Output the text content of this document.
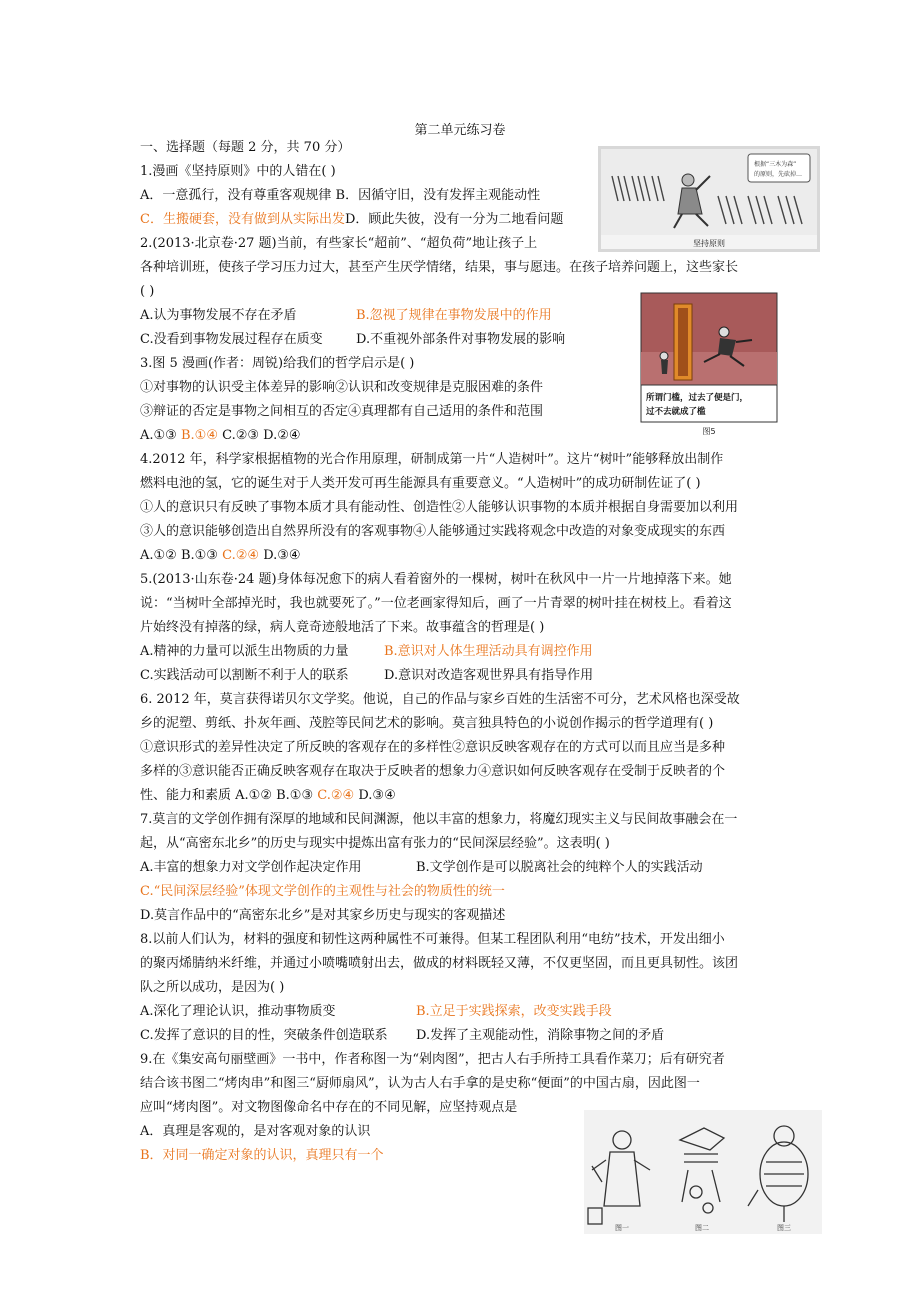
第二单元练习卷
一、选择题（每题 2 分，共 70 分）
1.漫画《坚持原则》中的人错在( )
A．一意孤行，没有尊重客观规律 B．因循守旧，没有发挥主观能动性
C．生搬硬套，没有做到从实际出发D．顾此失彼，没有一分为二地看问题
根据“三木为森”
的原则，先砍掉…
坚持原则
2.(2013·北京卷·27 题)当前，有些家长“超前”、“超负荷”地让孩子上
各种培训班，使孩子学习压力过大，甚至产生厌学情绪，结果，事与愿违。在孩子培养问题上，这些家长
( )
A.认为事物发展不存在矛盾	B.忽视了规律在事物发展中的作用
C.没看到事物发展过程存在质变	D.不重视外部条件对事物发展的影响
所谓门槛，过去了便是门，
过不去就成了槛
图5
3.图 5 漫画(作者：周锐)给我们的哲学启示是( )
①对事物的认识受主体差异的影响②认识和改变规律是克服困难的条件
③辩证的否定是事物之间相互的否定④真理都有自己适用的条件和范围
A.①③ B.①④ C.②③ D.②④
4.2012 年，科学家根据植物的光合作用原理，研制成第一片“人造树叶”。这片“树叶”能够释放出制作
燃料电池的氢，它的诞生对于人类开发可再生能源具有重要意义。“人造树叶”的成功研制佐证了( )
①人的意识只有反映了事物本质才具有能动性、创造性②人能够认识事物的本质并根据自身需要加以利用
③人的意识能够创造出自然界所没有的客观事物④人能够通过实践将观念中改造的对象变成现实的东西
A.①② B.①③ C.②④ D.③④
5.(2013·山东卷·24 题)身体每况愈下的病人看着窗外的一棵树，树叶在秋风中一片一片地掉落下来。她
说：“当树叶全部掉光时，我也就要死了。”一位老画家得知后，画了一片青翠的树叶挂在树枝上。看着这
片始终没有掉落的绿，病人竟奇迹般地活了下来。故事蕴含的哲理是( )
A.精神的力量可以派生出物质的力量	B.意识对人体生理活动具有调控作用
C.实践活动可以割断不利于人的联系	D.意识对改造客观世界具有指导作用
6. 2012 年，莫言获得诺贝尔文学奖。他说，自己的作品与家乡百姓的生活密不可分，艺术风格也深受故
乡的泥塑、剪纸、扑灰年画、茂腔等民间艺术的影响。莫言独具特色的小说创作揭示的哲学道理有( )
①意识形式的差异性决定了所反映的客观存在的多样性②意识反映客观存在的方式可以而且应当是多种
多样的③意识能否正确反映客观存在取决于反映者的想象力④意识如何反映客观存在受制于反映者的个
性、能力和素质 A.①② B.①③ C.②④ D.③④
7.莫言的文学创作拥有深厚的地域和民间渊源，他以丰富的想象力，将魔幻现实主义与民间故事融会在一
起，从“高密东北乡”的历史与现实中提炼出富有张力的“民间深层经验”。这表明( )
A.丰富的想象力对文学创作起决定作用	B.文学创作是可以脱离社会的纯粹个人的实践活动
C.“民间深层经验”体现文学创作的主观性与社会的物质性的统一
D.莫言作品中的“高密东北乡”是对其家乡历史与现实的客观描述
8.以前人们认为，材料的强度和韧性这两种属性不可兼得。但某工程团队利用“电纺”技术，开发出细小
的聚丙烯腈纳米纤维，并通过小喷嘴喷射出去，做成的材料既轻又薄，不仅更坚固，而且更具韧性。该团
队之所以成功，是因为( )
A.深化了理论认识，推动事物质变	B.立足于实践探索，改变实践手段
C.发挥了意识的目的性，突破条件创造联系 D.发挥了主观能动性，消除事物之间的矛盾
9.在《集安高句丽壁画》一书中，作者称图一为“剁肉图”，把古人右手所持工具看作菜刀；后有研究者
结合该书图二“烤肉串”和图三“厨师扇风”，认为古人右手拿的是史称“便面”的中国古扇，因此图一
应叫“烤肉图”。对文物图像命名中存在的不同见解，应坚持观点是
A．真理是客观的，是对客观对象的认识
B．对同一确定对象的认识，真理只有一个
图一	图二	图三
